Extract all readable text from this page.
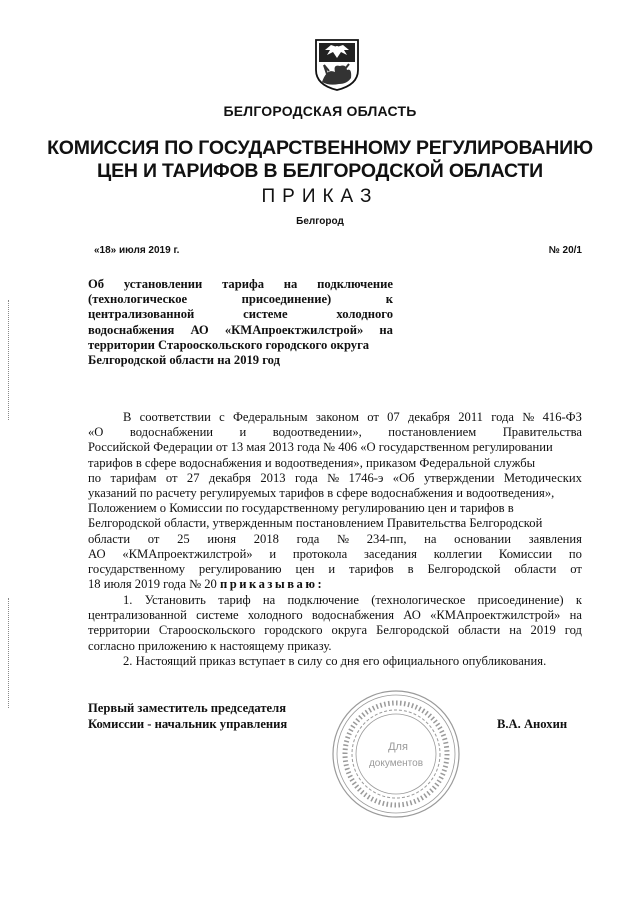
БЕЛГОРОДСКАЯ ОБЛАСТЬ
КОМИССИЯ ПО ГОСУДАРСТВЕННОМУ РЕГУЛИРОВАНИЮ
ЦЕН И ТАРИФОВ В БЕЛГОРОДСКОЙ ОБЛАСТИ
ПРИКАЗ
Белгород
«18» июля 2019 г.	№ 20/1
Об установлении тарифа на подключение
(технологическое	присоединение)	к
централизованной	системе	холодного
водоснабжения АО «КМАпроектжилстрой» на
территории Старооскольского городского округа
Белгородской области на 2019 год
В соответствии с Федеральным законом от 07 декабря 2011 года № 416-ФЗ
«О водоснабжении и водоотведении», постановлением Правительства
Российской Федерации от 13 мая 2013 года № 406 «О государственном регулировании
тарифов в сфере водоснабжения и водоотведения», приказом Федеральной службы
по тарифам от 27 декабря 2013 года № 1746-э «Об утверждении Методических
указаний по расчету регулируемых тарифов в сфере водоснабжения и водоотведения»,
Положением о Комиссии по государственному регулированию цен и тарифов в
Белгородской области, утвержденным постановлением Правительства Белгородской
области от 25 июня 2018 года № 234-пп, на основании заявления
АО «КМАпроектжилстрой» и протокола заседания коллегии Комиссии по
государственному регулированию цен и тарифов в Белгородской области от
18 июля 2019 года № 20 приказываю:
1. Установить тариф на подключение (технологическое присоединение) к
централизованной системе холодного водоснабжения АО «КМАпроектжилстрой» на
территории Старооскольского городского округа Белгородской области на 2019 год
согласно приложению к настоящему приказу.
2. Настоящий приказ вступает в силу со дня его официального опубликования.
Первый заместитель председателя
Комиссии - начальник управления	В.А. Анохин
Для
документов
